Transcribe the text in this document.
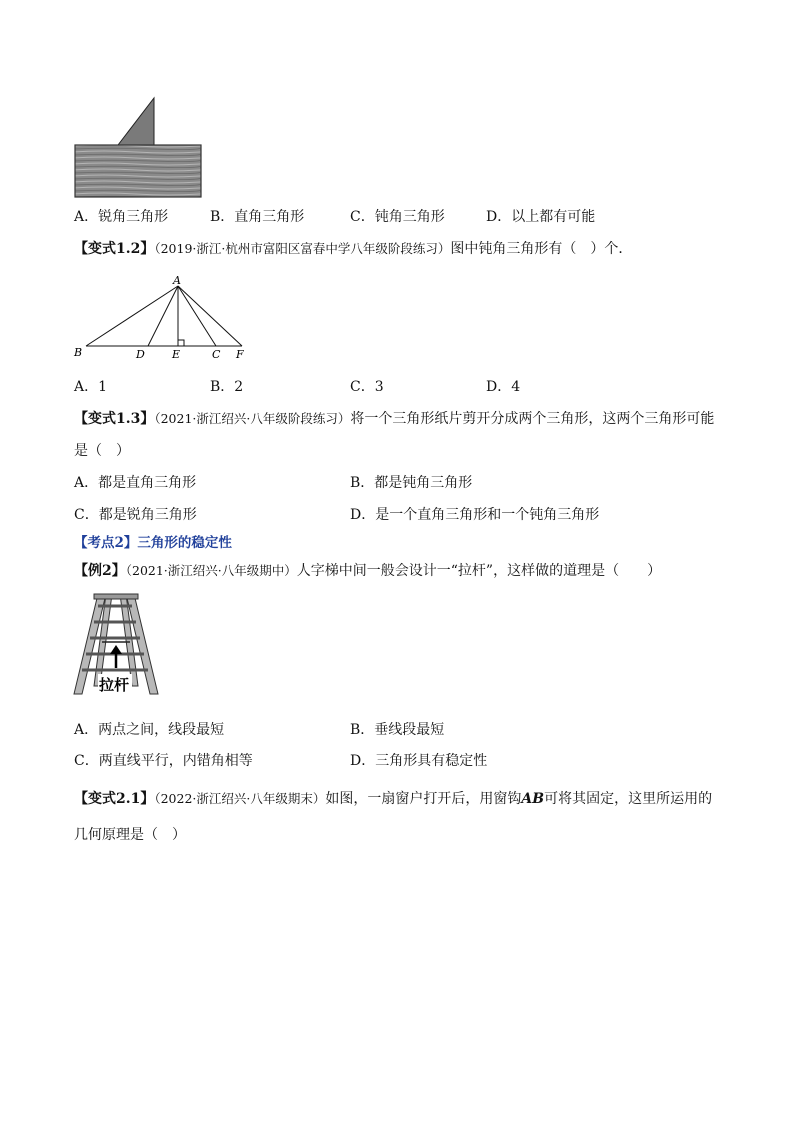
A．锐角三角形	B．直角三角形	C．钝角三角形	D．以上都有可能
【变式1.2】（2019·浙江·杭州市富阳区富春中学八年级阶段练习）图中钝角三角形有（　）个．
A
B	D E	C F
A．1	B．2	C．3	D．4
【变式1.3】（2021·浙江绍兴·八年级阶段练习）将一个三角形纸片剪开分成两个三角形，这两个三角形可能
是（　）
A．都是直角三角形	B．都是钝角三角形
C．都是锐角三角形	D．是一个直角三角形和一个钝角三角形
【考点2】三角形的稳定性
【例2】（2021·浙江绍兴·八年级期中）人字梯中间一般会设计一“拉杆”，这样做的道理是（　　）
拉杆
A．两点之间，线段最短	B．垂线段最短
C．两直线平行，内错角相等	D．三角形具有稳定性
【变式2.1】（2022·浙江绍兴·八年级期末）如图，一扇窗户打开后，用窗钩AB可将其固定，这里所运用的
几何原理是（　）
